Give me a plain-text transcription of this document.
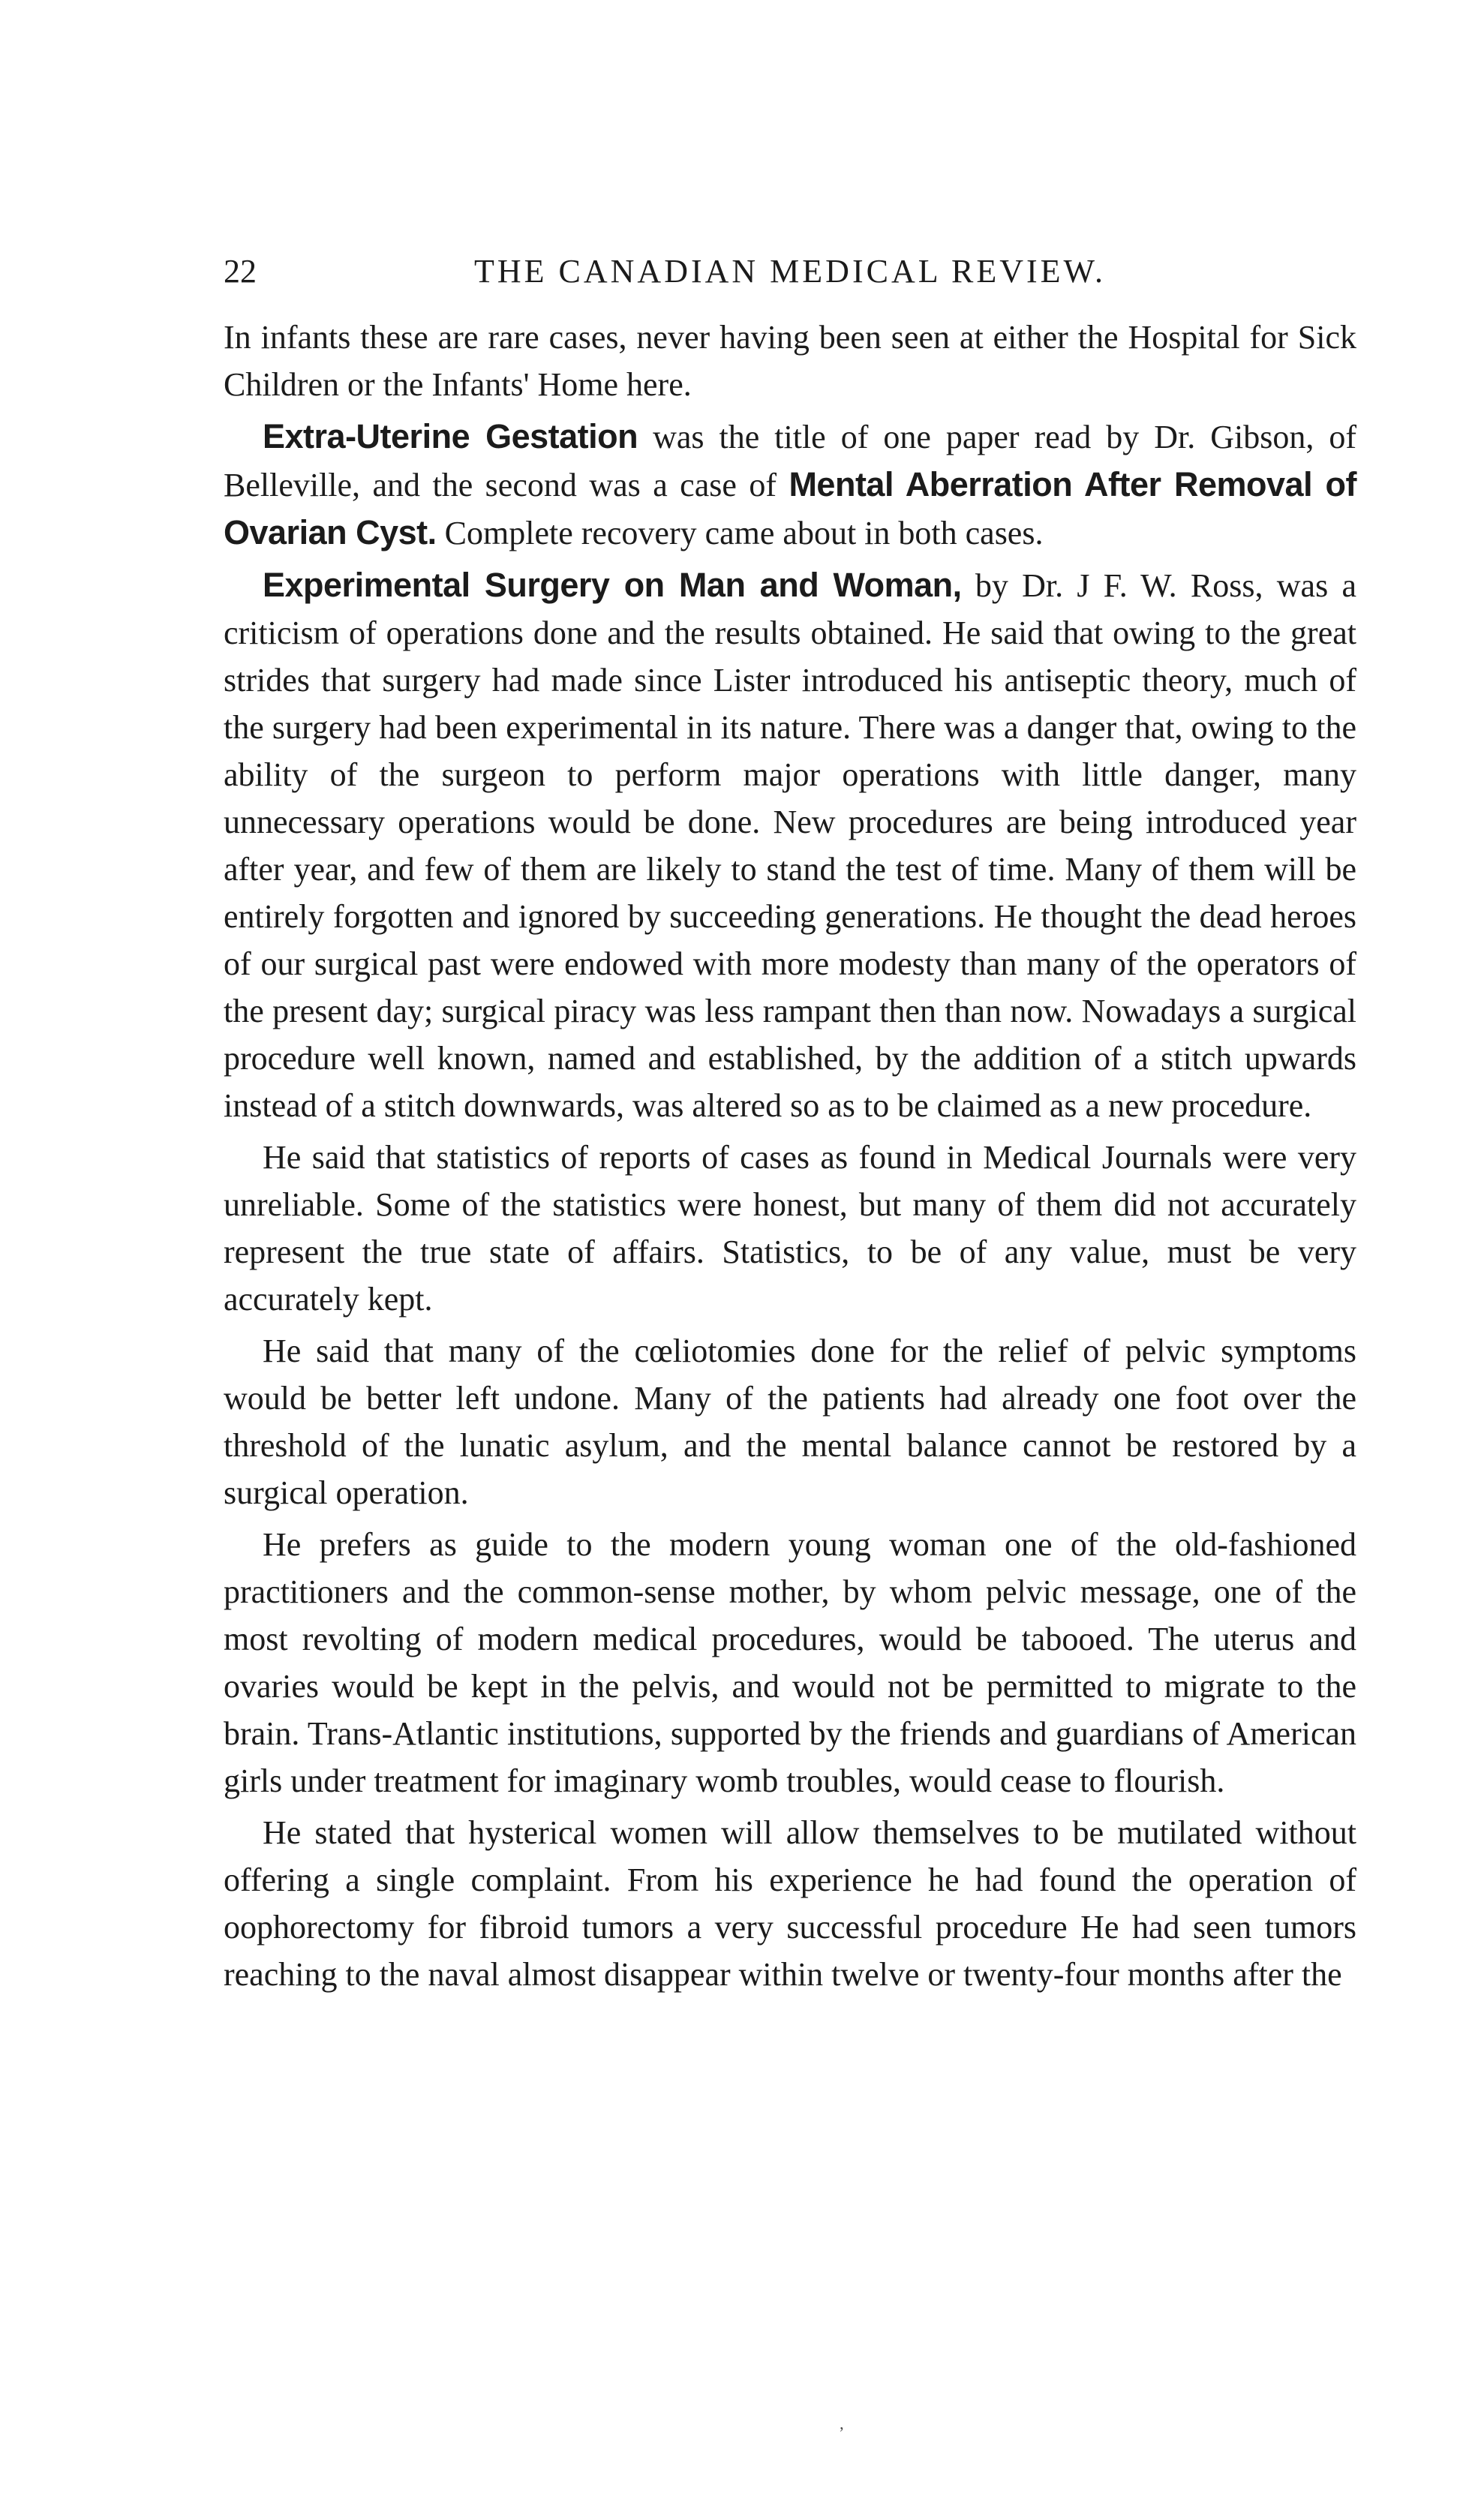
22	THE CANADIAN MEDICAL REVIEW.

In infants these are rare cases, never having been seen at either the Hospital for Sick Children or the Infants' Home here.

Extra-Uterine Gestation was the title of one paper read by Dr. Gibson, of Belleville, and the second was a case of Mental Aberration After Removal of Ovarian Cyst. Complete recovery came about in both cases.

Experimental Surgery on Man and Woman, by Dr. J F. W. Ross, was a criticism of operations done and the results obtained. He said that owing to the great strides that surgery had made since Lister introduced his antiseptic theory, much of the surgery had been experimental in its nature. There was a danger that, owing to the ability of the surgeon to perform major operations with little danger, many unnecessary operations would be done. New procedures are being introduced year after year, and few of them are likely to stand the test of time. Many of them will be entirely forgotten and ignored by succeeding generations. He thought the dead heroes of our surgical past were endowed with more modesty than many of the operators of the present day; surgical piracy was less rampant then than now. Nowadays a surgical procedure well known, named and established, by the addition of a stitch upwards instead of a stitch downwards, was altered so as to be claimed as a new procedure.

He said that statistics of reports of cases as found in Medical Journals were very unreliable. Some of the statistics were honest, but many of them did not accurately represent the true state of affairs. Statistics, to be of any value, must be very accurately kept.

He said that many of the cœliotomies done for the relief of pelvic symptoms would be better left undone. Many of the patients had already one foot over the threshold of the lunatic asylum, and the mental balance cannot be restored by a surgical operation.

He prefers as guide to the modern young woman one of the old-fashioned practitioners and the common-sense mother, by whom pelvic message, one of the most revolting of modern medical procedures, would be tabooed. The uterus and ovaries would be kept in the pelvis, and would not be permitted to migrate to the brain. Trans-Atlantic institutions, supported by the friends and guardians of American girls under treatment for imaginary womb troubles, would cease to flourish.

He stated that hysterical women will allow themselves to be mutilated without offering a single complaint. From his experience he had found the operation of oophorectomy for fibroid tumors a very successful procedure He had seen tumors reaching to the naval almost disappear within twelve or twenty-four months after the

ʼ
